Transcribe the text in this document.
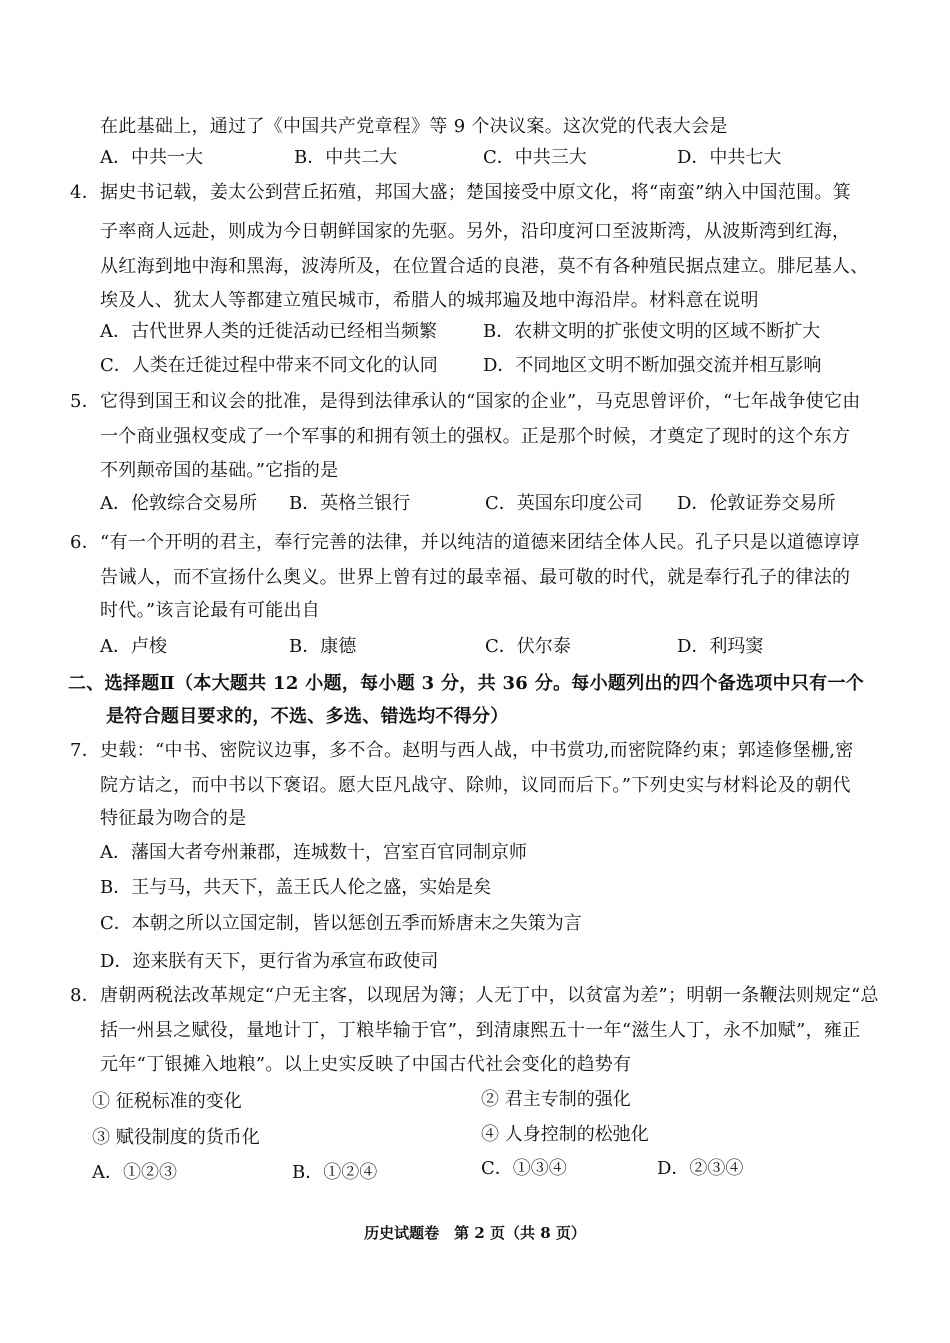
在此基础上，通过了《中国共产党章程》等 9 个决议案。这次党的代表大会是
A．中共一大	B．中共二大	C．中共三大	D．中共七大
4．据史书记载，姜太公到营丘拓殖，邦国大盛；楚国接受中原文化，将“南蛮”纳入中国范围。箕
子率商人远赴，则成为今日朝鲜国家的先驱。另外，沿印度河口至波斯湾，从波斯湾到红海，
从红海到地中海和黑海，波涛所及，在位置合适的良港，莫不有各种殖民据点建立。腓尼基人、
埃及人、犹太人等都建立殖民城市，希腊人的城邦遍及地中海沿岸。材料意在说明
A．古代世界人类的迁徙活动已经相当频繁	B．农耕文明的扩张使文明的区域不断扩大
C．人类在迁徙过程中带来不同文化的认同	D．不同地区文明不断加强交流并相互影响
5．它得到国王和议会的批准，是得到法律承认的“国家的企业”，马克思曾评价，“七年战争使它由
一个商业强权变成了一个军事的和拥有领土的强权。正是那个时候，才奠定了现时的这个东方
不列颠帝国的基础。”它指的是
A．伦敦综合交易所 B．英格兰银行	C．英国东印度公司 D．伦敦证券交易所
6．“有一个开明的君主，奉行完善的法律，并以纯洁的道德来团结全体人民。孔子只是以道德谆谆
告诫人，而不宣扬什么奥义。世界上曾有过的最幸福、最可敬的时代，就是奉行孔子的律法的
时代。”该言论最有可能出自
A．卢梭	B．康德	C．伏尔泰	D．利玛窦
二、选择题Ⅱ（本大题共 12 小题，每小题 3 分，共 36 分。每小题列出的四个备选项中只有一个
是符合题目要求的，不选、多选、错选均不得分）
7．史载：“中书、密院议边事，多不合。赵明与西人战，中书赏功,而密院降约束；郭逵修堡栅,密
院方诘之，而中书以下褒诏。愿大臣凡战守、除帅，议同而后下。”下列史实与材料论及的朝代
特征最为吻合的是
A．藩国大者夸州兼郡，连城数十，宫室百官同制京师
B．王与马，共天下，盖王氏人伦之盛，实始是矣
C．本朝之所以立国定制，皆以惩创五季而矫唐末之失策为言
D．迩来朕有天下，更行省为承宣布政使司
8．唐朝两税法改革规定“户无主客，以现居为簿；人无丁中，以贫富为差”；明朝一条鞭法则规定“总
括一州县之赋役，量地计丁，丁粮毕输于官”，到清康熙五十一年“滋生人丁，永不加赋”，雍正
元年“丁银摊入地粮”。以上史实反映了中国古代社会变化的趋势有
① 征税标准的变化	② 君主专制的强化
③ 赋役制度的货币化	④ 人身控制的松弛化
A．①②③	B．①②④	C．①③④	D．②③④
历史试题卷　第 2 页（共 8 页）
